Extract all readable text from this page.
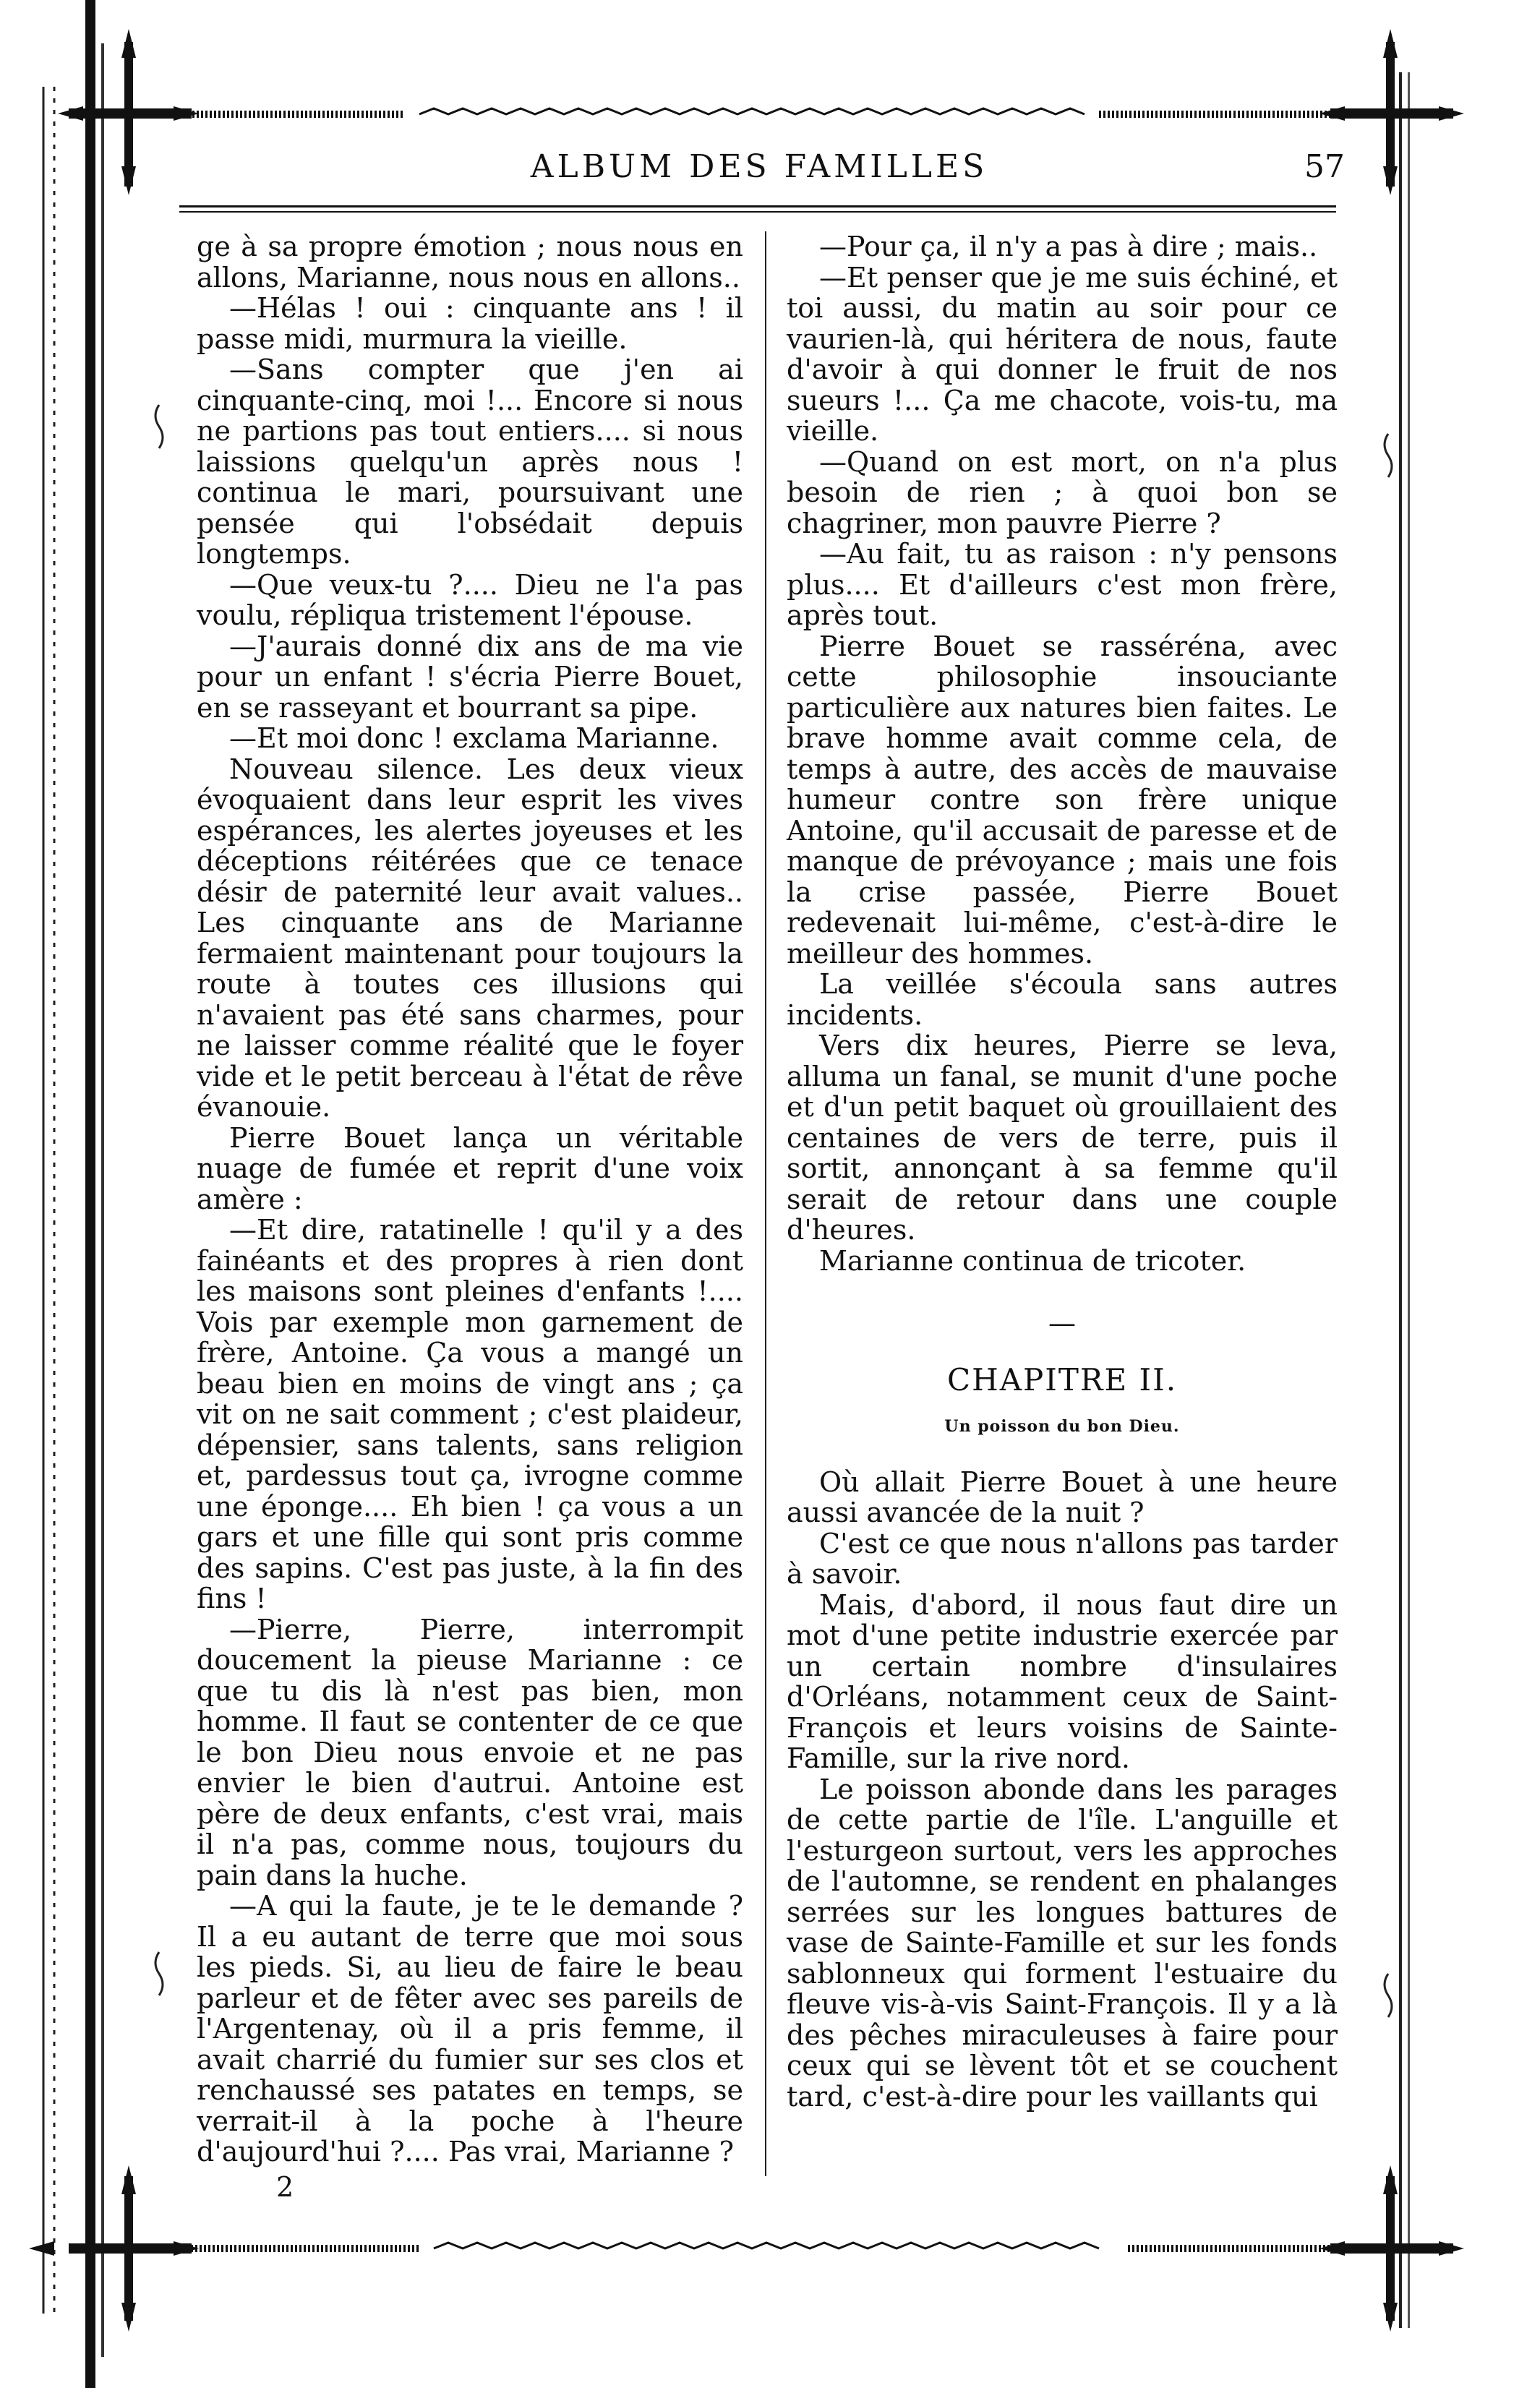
ALBUM DES FAMILLES	57

ge à sa propre émotion ; nous nous en allons, Marianne, nous nous en allons..

—Hélas ! oui : cinquante ans ! il passe midi, murmura la vieille.

—Sans compter que j'en ai cinquante-cinq, moi !... Encore si nous ne partions pas tout entiers.... si nous laissions quelqu'un après nous ! continua le mari, poursuivant une pensée qui l'obsédait depuis longtemps.

—Que veux-tu ?.... Dieu ne l'a pas voulu, répliqua tristement l'épouse.

—J'aurais donné dix ans de ma vie pour un enfant ! s'écria Pierre Bouet, en se rasseyant et bourrant sa pipe.

—Et moi donc ! exclama Marianne.

Nouveau silence. Les deux vieux évoquaient dans leur esprit les vives espérances, les alertes joyeuses et les déceptions réitérées que ce tenace désir de paternité leur avait values.. Les cinquante ans de Marianne fermaient maintenant pour toujours la route à toutes ces illusions qui n'avaient pas été sans charmes, pour ne laisser comme réalité que le foyer vide et le petit berceau à l'état de rêve évanouie.

Pierre Bouet lança un véritable nuage de fumée et reprit d'une voix amère :

—Et dire, ratatinelle ! qu'il y a des fainéants et des propres à rien dont les maisons sont pleines d'enfants !.... Vois par exemple mon garnement de frère, Antoine. Ça vous a mangé un beau bien en moins de vingt ans ; ça vit on ne sait comment ; c'est plaideur, dépensier, sans talents, sans religion et, pardessus tout ça, ivrogne comme une éponge.... Eh bien ! ça vous a un gars et une fille qui sont pris comme des sapins. C'est pas juste, à la fin des fins !

—Pierre, Pierre, interrompit doucement la pieuse Marianne : ce que tu dis là n'est pas bien, mon homme. Il faut se contenter de ce que le bon Dieu nous envoie et ne pas envier le bien d'autrui. Antoine est père de deux enfants, c'est vrai, mais il n'a pas, comme nous, toujours du pain dans la huche.

—A qui la faute, je te le demande ? Il a eu autant de terre que moi sous les pieds. Si, au lieu de faire le beau parleur et de fêter avec ses pareils de l'Argentenay, où il a pris femme, il avait charrié du fumier sur ses clos et renchaussé ses patates en temps, se verrait-il à la poche à l'heure d'aujourd'hui ?.... Pas vrai, Marianne ?

2

—Pour ça, il n'y a pas à dire ; mais..

—Et penser que je me suis échiné, et toi aussi, du matin au soir pour ce vaurien-là, qui héritera de nous, faute d'avoir à qui donner le fruit de nos sueurs !... Ça me chacote, vois-tu, ma vieille.

—Quand on est mort, on n'a plus besoin de rien ; à quoi bon se chagriner, mon pauvre Pierre ?

—Au fait, tu as raison : n'y pensons plus.... Et d'ailleurs c'est mon frère, après tout.

Pierre Bouet se rasséréna, avec cette philosophie insouciante particulière aux natures bien faites. Le brave homme avait comme cela, de temps à autre, des accès de mauvaise humeur contre son frère unique Antoine, qu'il accusait de paresse et de manque de prévoyance ; mais une fois la crise passée, Pierre Bouet redevenait lui-même, c'est-à-dire le meilleur des hommes.

La veillée s'écoula sans autres incidents.

Vers dix heures, Pierre se leva, alluma un fanal, se munit d'une poche et d'un petit baquet où grouillaient des centaines de vers de terre, puis il sortit, annonçant à sa femme qu'il serait de retour dans une couple d'heures.

Marianne continua de tricoter.

—
CHAPITRE II.
Un poisson du bon Dieu.

Où allait Pierre Bouet à une heure aussi avancée de la nuit ?

C'est ce que nous n'allons pas tarder à savoir.

Mais, d'abord, il nous faut dire un mot d'une petite industrie exercée par un certain nombre d'insulaires d'Orléans, notamment ceux de Saint-François et leurs voisins de Sainte-Famille, sur la rive nord.

Le poisson abonde dans les parages de cette partie de l'île. L'anguille et l'esturgeon surtout, vers les approches de l'automne, se rendent en phalanges serrées sur les longues battures de vase de Sainte-Famille et sur les fonds sablonneux qui forment l'estuaire du fleuve vis-à-vis Saint-François. Il y a là des pêches miraculeuses à faire pour ceux qui se lèvent tôt et se couchent tard, c'est-à-dire pour les vaillants qui
